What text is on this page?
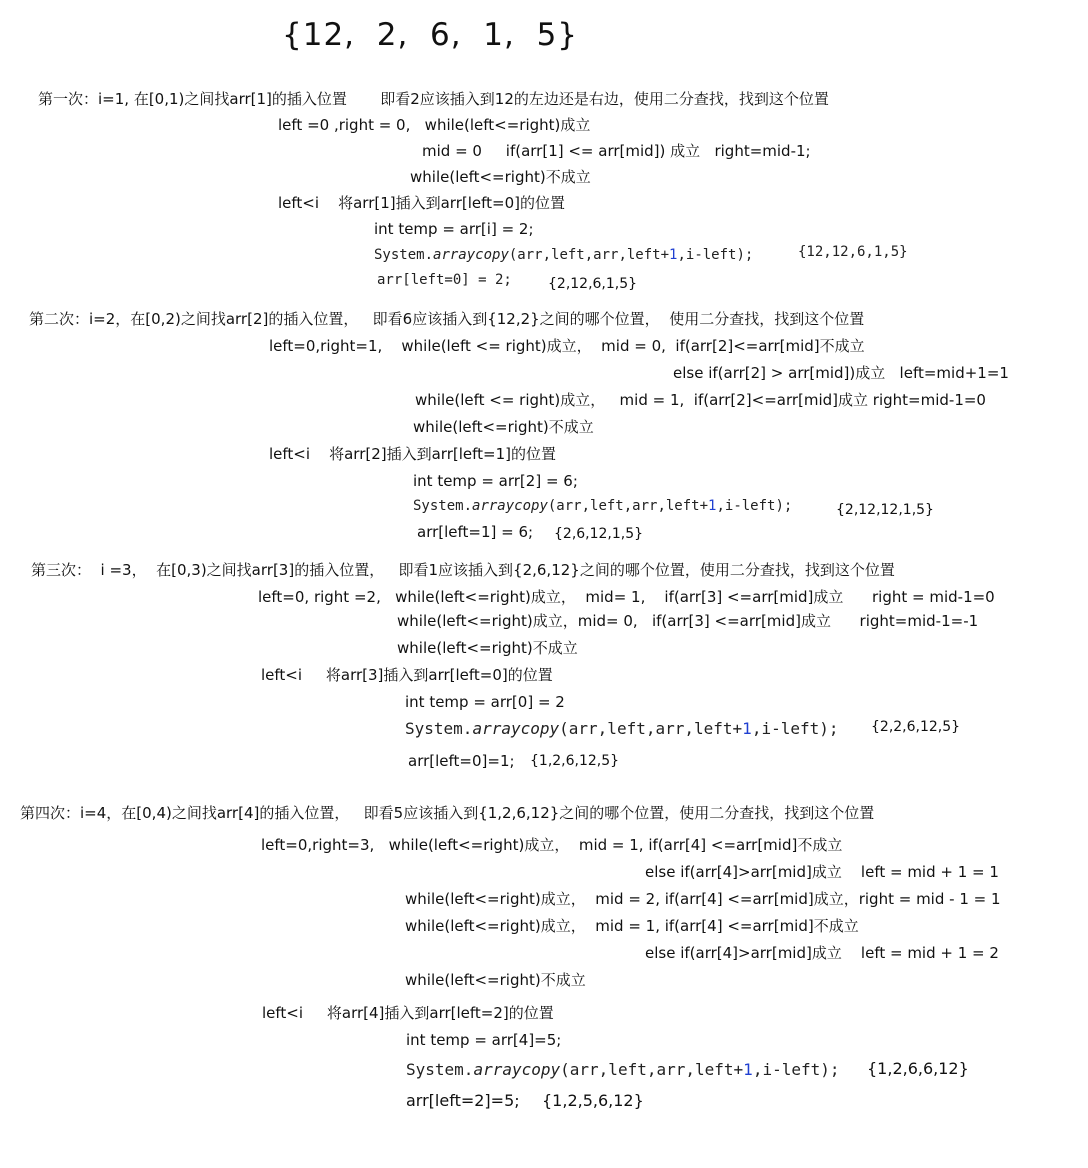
{12,  2,  6,  1,  5}
第一次：i=1, 在[0,1)之间找arr[1]的插入位置       即看2应该插入到12的左边还是右边，使用二分查找，找到这个位置
left =0 ,right = 0,   while(left<=right)成立
mid = 0     if(arr[1] <= arr[mid]) 成立   right=mid-1;
while(left<=right)不成立
left<i    将arr[1]插入到arr[left=0]的位置
int temp = arr[i] = 2;
System.arraycopy(arr,left,arr,left+1,i-left);	{12,12,6,1,5}
arr[left=0] = 2;	{2,12,6,1,5}
第二次：i=2，在[0,2)之间找arr[2]的插入位置，   即看6应该插入到{12,2}之间的哪个位置，  使用二分查找，找到这个位置
left=0,right=1,    while(left <= right)成立，  mid = 0,  if(arr[2]<=arr[mid]不成立
else if(arr[2] > arr[mid])成立   left=mid+1=1
while(left <= right)成立，   mid = 1,  if(arr[2]<=arr[mid]成立 right=mid-1=0
while(left<=right)不成立
left<i    将arr[2]插入到arr[left=1]的位置
int temp = arr[2] = 6;
System.arraycopy(arr,left,arr,left+1,i-left);	{2,12,12,1,5}
arr[left=1] = 6; {2,6,12,1,5}
第三次：  i =3，  在[0,3)之间找arr[3]的插入位置，   即看1应该插入到{2,6,12}之间的哪个位置，使用二分查找，找到这个位置
left=0, right =2,   while(left<=right)成立，  mid= 1,    if(arr[3] <=arr[mid]成立      right = mid-1=0
while(left<=right)成立，mid= 0,   if(arr[3] <=arr[mid]成立      right=mid-1=-1
while(left<=right)不成立
left<i     将arr[3]插入到arr[left=0]的位置
int temp = arr[0] = 2
System.arraycopy(arr,left,arr,left+1,i-left); {2,2,6,12,5}
arr[left=0]=1; {1,2,6,12,5}
第四次：i=4，在[0,4)之间找arr[4]的插入位置，   即看5应该插入到{1,2,6,12}之间的哪个位置，使用二分查找，找到这个位置
left=0,right=3,   while(left<=right)成立，  mid = 1, if(arr[4] <=arr[mid]不成立
else if(arr[4]>arr[mid]成立    left = mid + 1 = 1
while(left<=right)成立，  mid = 2, if(arr[4] <=arr[mid]成立，right = mid - 1 = 1
while(left<=right)成立，  mid = 1, if(arr[4] <=arr[mid]不成立
else if(arr[4]>arr[mid]成立    left = mid + 1 = 2
while(left<=right)不成立
left<i     将arr[4]插入到arr[left=2]的位置
int temp = arr[4]=5;
System.arraycopy(arr,left,arr,left+1,i-left); {1,2,6,6,12}
arr[left=2]=5; {1,2,5,6,12}
